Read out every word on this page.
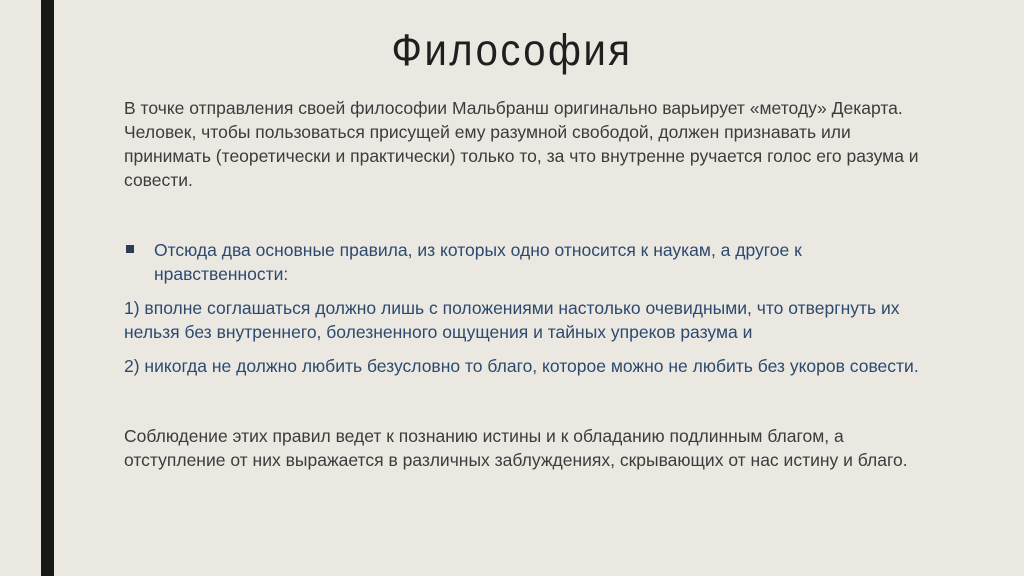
Философия

В точке отправления своей философии Мальбранш оригинально варьирует «методу» Декарта. Человек, чтобы пользоваться присущей ему разумной свободой, должен признавать или принимать (теоретически и практически) только то, за что внутренне ручается голос его разума и совести.

Отсюда два основные правила, из которых одно относится к наукам, а другое к нравственности:

1) вполне соглашаться должно лишь с положениями настолько очевидными, что отвергнуть их нельзя без внутреннего, болезненного ощущения и тайных упреков разума и

2) никогда не должно любить безусловно то благо, которое можно не любить без укоров совести.

Соблюдение этих правил ведет к познанию истины и к обладанию подлинным благом, а отступление от них выражается в различных заблуждениях, скрывающих от нас истину и благо.
